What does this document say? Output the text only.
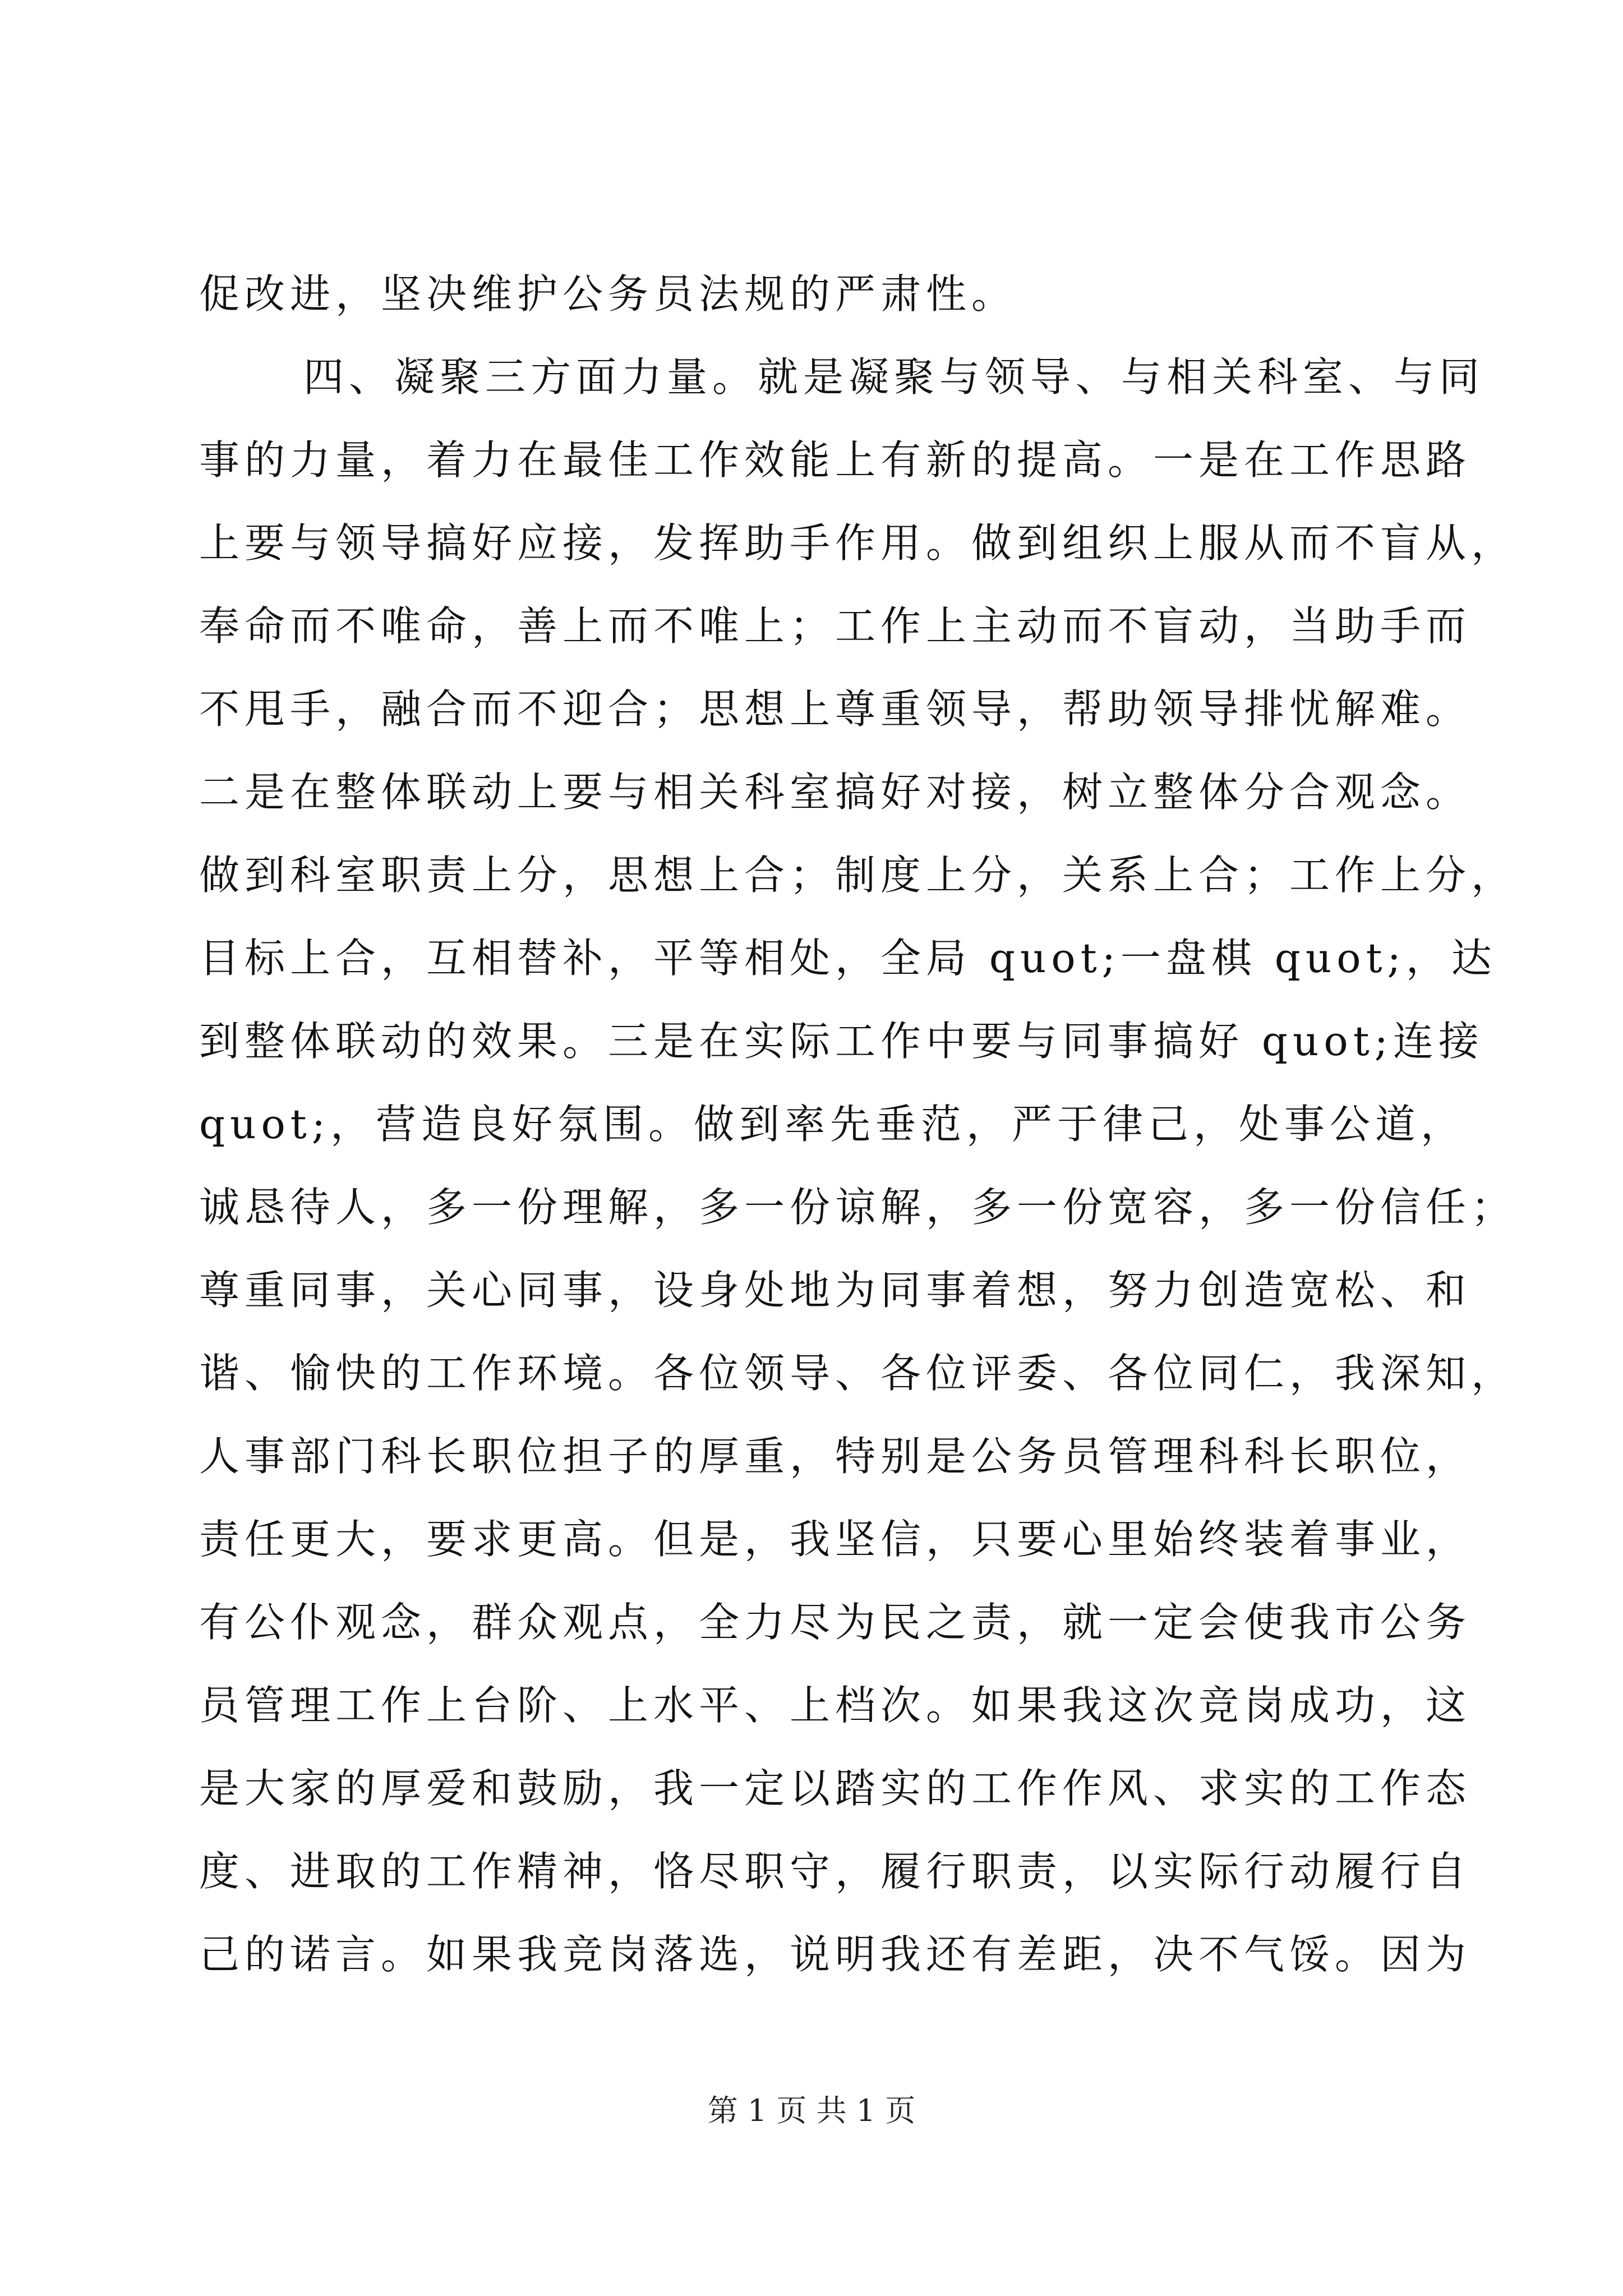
促改进，坚决维护公务员法规的严肃性。
四、凝聚三方面力量。就是凝聚与领导、与相关科室、与同
事的力量，着力在最佳工作效能上有新的提高。一是在工作思路
上要与领导搞好应接，发挥助手作用。做到组织上服从而不盲从，
奉命而不唯命，善上而不唯上；工作上主动而不盲动，当助手而
不甩手，融合而不迎合；思想上尊重领导，帮助领导排忧解难。
二是在整体联动上要与相关科室搞好对接，树立整体分合观念。
做到科室职责上分，思想上合；制度上分，关系上合；工作上分，
目标上合，互相替补，平等相处，全局 quot;一盘棋 quot;，达
到整体联动的效果。三是在实际工作中要与同事搞好 quot;连接
quot;，营造良好氛围。做到率先垂范，严于律己，处事公道，
诚恳待人，多一份理解，多一份谅解，多一份宽容，多一份信任；
尊重同事，关心同事，设身处地为同事着想，努力创造宽松、和
谐、愉快的工作环境。各位领导、各位评委、各位同仁，我深知，
人事部门科长职位担子的厚重，特别是公务员管理科科长职位，
责任更大，要求更高。但是，我坚信，只要心里始终装着事业，
有公仆观念，群众观点，全力尽为民之责，就一定会使我市公务
员管理工作上台阶、上水平、上档次。如果我这次竞岗成功，这
是大家的厚爱和鼓励，我一定以踏实的工作作风、求实的工作态
度、进取的工作精神，恪尽职守，履行职责，以实际行动履行自
己的诺言。如果我竞岗落选，说明我还有差距，决不气馁。因为
第 1 页 共 1 页
